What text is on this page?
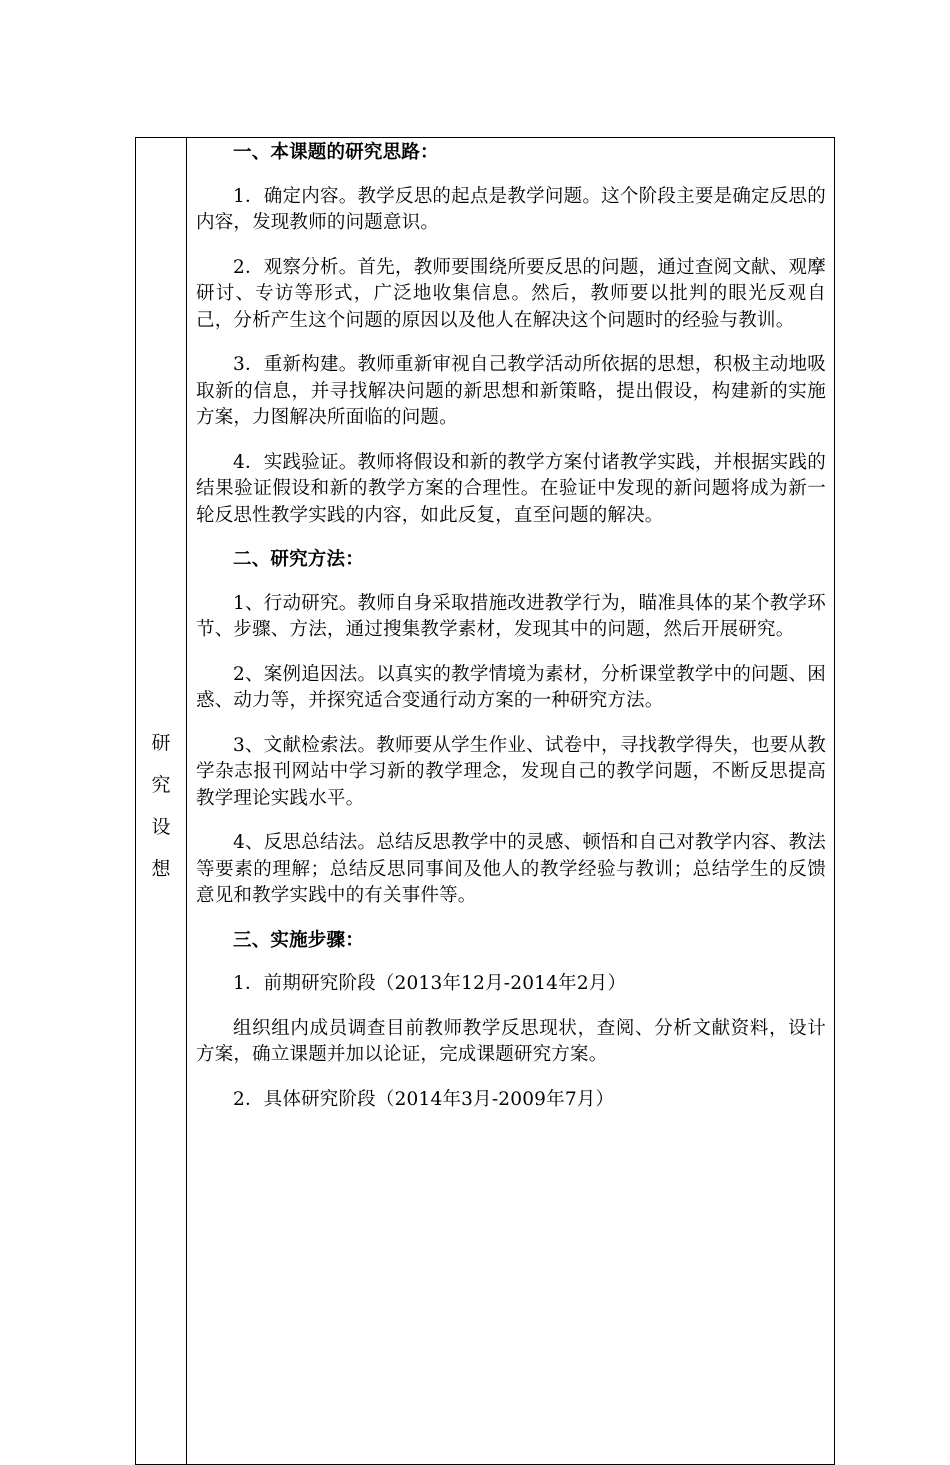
研
究
设
想

一、本课题的研究思路：

1．确定内容。教学反思的起点是教学问题。这个阶段主要是确定反思的内容，发现教师的问题意识。

2．观察分析。首先，教师要围绕所要反思的问题，通过查阅文献、观摩研讨、专访等形式，广泛地收集信息。然后，教师要以批判的眼光反观自己，分析产生这个问题的原因以及他人在解决这个问题时的经验与教训。

3．重新构建。教师重新审视自己教学活动所依据的思想，积极主动地吸取新的信息，并寻找解决问题的新思想和新策略，提出假设，构建新的实施方案，力图解决所面临的问题。

4．实践验证。教师将假设和新的教学方案付诸教学实践，并根据实践的结果验证假设和新的教学方案的合理性。在验证中发现的新问题将成为新一轮反思性教学实践的内容，如此反复，直至问题的解决。

二、研究方法：

1、行动研究。教师自身采取措施改进教学行为，瞄准具体的某个教学环节、步骤、方法，通过搜集教学素材，发现其中的问题，然后开展研究。

2、案例追因法。以真实的教学情境为素材，分析课堂教学中的问题、困惑、动力等，并探究适合变通行动方案的一种研究方法。

3、文献检索法。教师要从学生作业、试卷中，寻找教学得失，也要从教学杂志报刊网站中学习新的教学理念，发现自己的教学问题，不断反思提高教学理论实践水平。

4、反思总结法。总结反思教学中的灵感、顿悟和自己对教学内容、教法等要素的理解；总结反思同事间及他人的教学经验与教训；总结学生的反馈意见和教学实践中的有关事件等。

三、实施步骤：

1．前期研究阶段（2013年12月-2014年2月）

组织组内成员调查目前教师教学反思现状，查阅、分析文献资料，设计方案，确立课题并加以论证，完成课题研究方案。

2．具体研究阶段（2014年3月-2009年7月）
